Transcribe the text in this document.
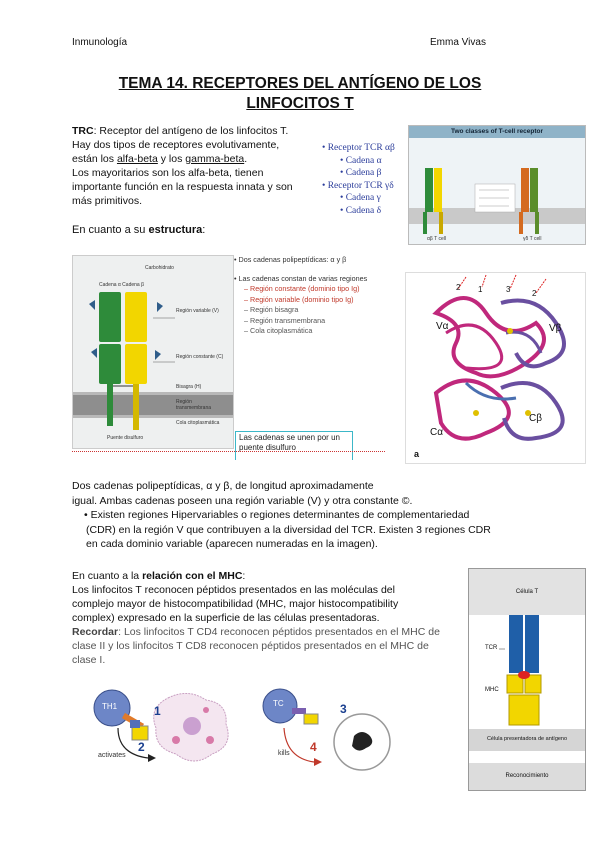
Inmunología	Emma Vivas
TEMA 14. RECEPTORES DEL ANTÍGENO DE LOS
LINFOCITOS T
TRC: Receptor del antígeno de los linfocitos T.
Hay dos tipos de receptores evolutivamente,
están los alfa-beta y los gamma-beta.
Los mayoritarios son los alfa-beta, tienen
importante función en la respuesta innata y son
más primitivos.
• Receptor TCR αβ
• Cadena α
• Cadena β
• Receptor TCR γδ
• Cadena γ
• Cadena δ
Two classes of T-cell receptor
αβ T cell	γδ T cell
En cuanto a su estructura:
Carbohidrato
Cadena α Cadena β
Región variable (V)
Región constante (C)
Bisagra (H)
Región transmembrana
Cola citoplasmática
Puente disulfuro	Las cadenas se unen por un puente disulfuro
• Dos cadenas polipeptídicas: α y β
• Las cadenas constan de varias regiones
– Región constante (dominio tipo Ig)
– Región variable (dominio tipo Ig)
– Región bisagra
– Región transmembrana
– Cola citoplasmática
2 1	3	2
Vα	Vβ
Cα
Cβ
a
Dos cadenas polipeptídicas, α y β, de longitud aproximadamente
igual. Ambas cadenas poseen una región variable (V) y otra constante ©.
• Existen regiones Hipervariables o regiones determinantes de complementariedad
(CDR) en la región V que contribuyen a la diversidad del TCR. Existen 3 regiones CDR
en cada dominio variable (aparecen numeradas en la imagen).
En cuanto a la relación con el MHC:
Los linfocitos T reconocen péptidos presentados en las moléculas del
complejo mayor de histocompatibilidad (MHC, major histocompatibility
complex) expresado en la superficie de las células presentadoras.
Recordar: Los linfocitos T CD4 reconocen péptidos presentados en el MHC de
clase II y los linfocitos T CD8 reconocen péptidos presentados en el MHC de
clase I.
TH1	1
2
activates
TC	3
4
kills
Célula T
TCR
MHC
Célula presentadora de antígeno
Reconocimiento
